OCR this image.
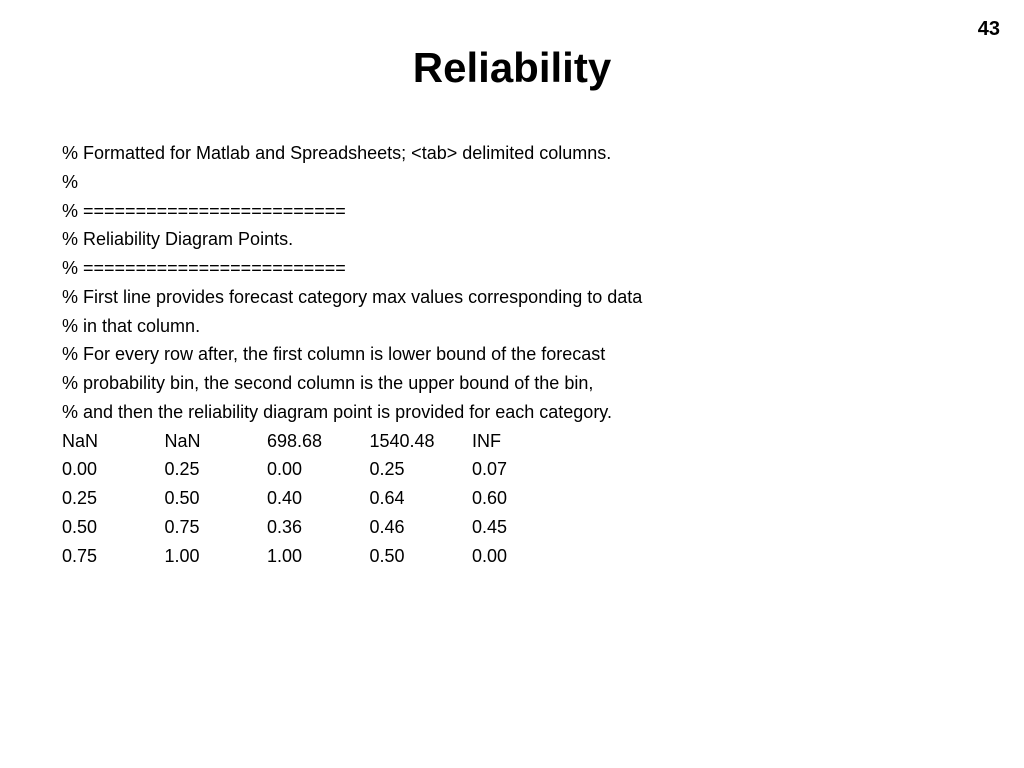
43
Reliability
% Formatted for Matlab and Spreadsheets; <tab> delimited columns.
%
% =========================
% Reliability Diagram Points.
% =========================
% First line provides forecast category max values corresponding to data
% in that column.
% For every row after, the first column is lower bound of the forecast
% probability bin, the second column is the upper bound of the bin,
% and then the reliability diagram point is provided for each category.
NaN	NaN	698.68	1540.48	INF
0.00	0.25	0.00	0.25	0.07
0.25	0.50	0.40	0.64	0.60
0.50	0.75	0.36	0.46	0.45
0.75	1.00	1.00	0.50	0.00
